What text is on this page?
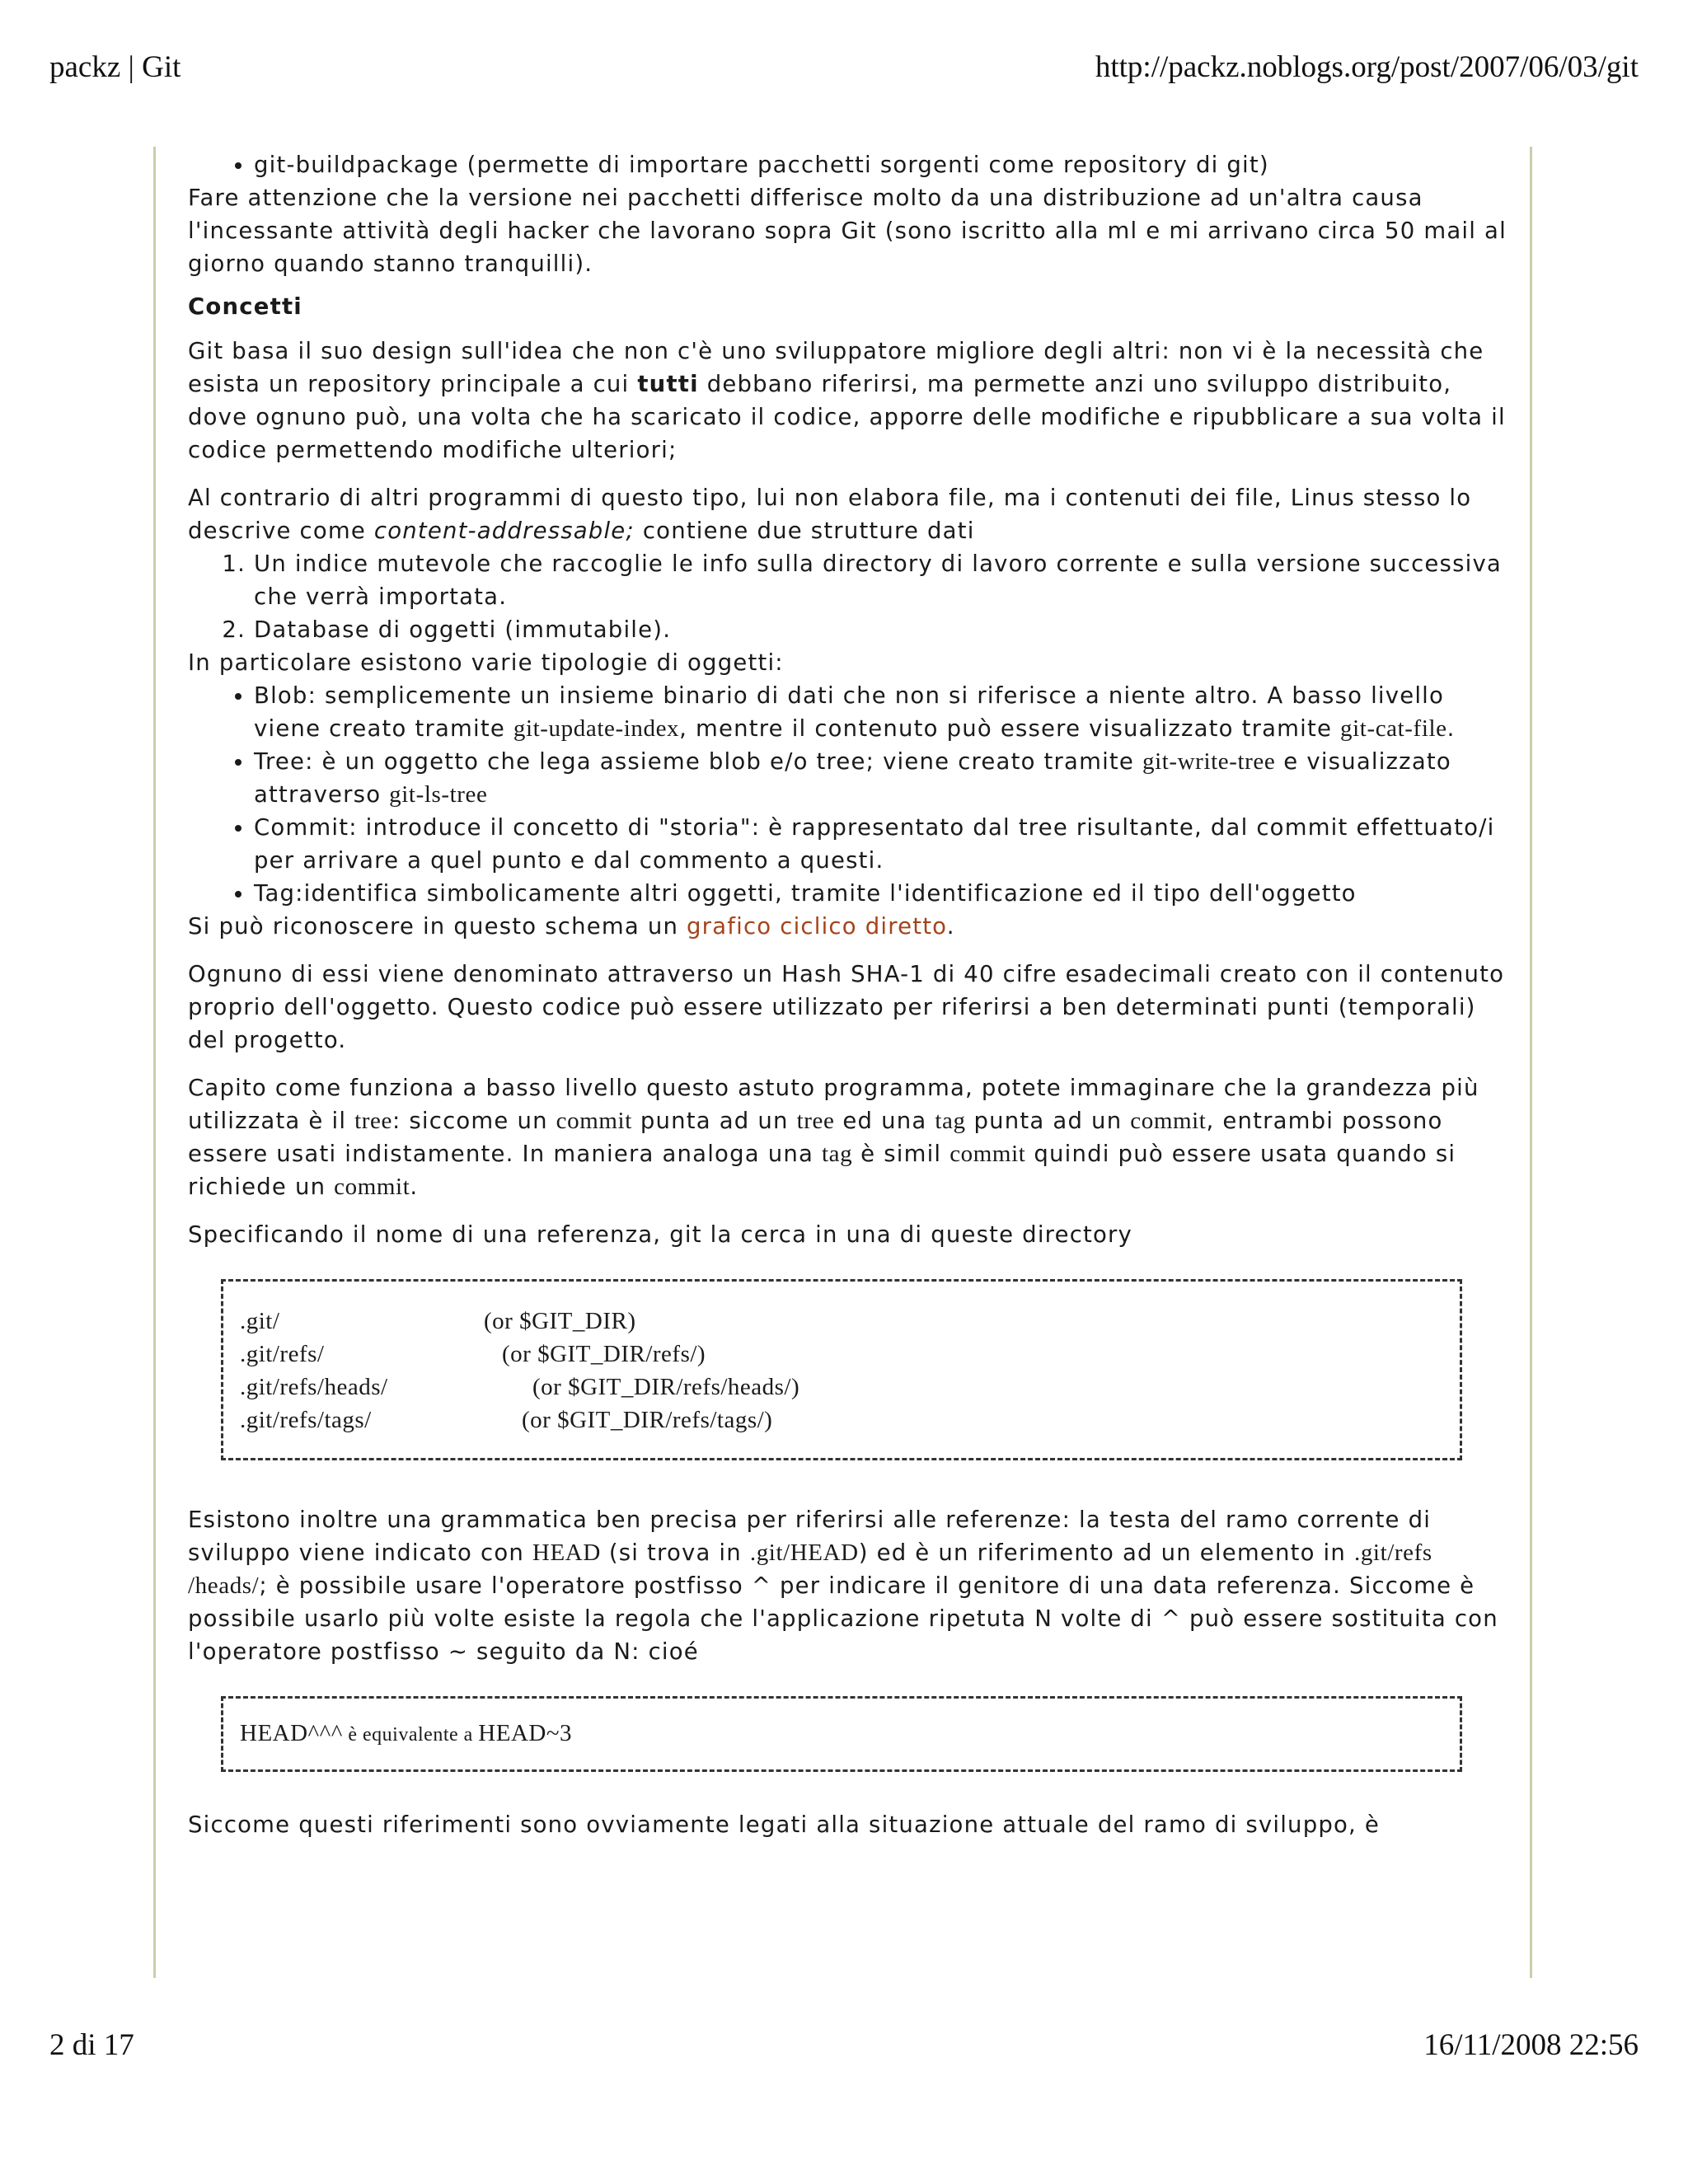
packz | Git	http://packz.noblogs.org/post/2007/06/03/git
• git-buildpackage (permette di importare pacchetti sorgenti come repository di git)

Fare attenzione che la versione nei pacchetti differisce molto da una distribuzione ad un'altra causa l'incessante attività degli hacker che lavorano sopra Git (sono iscritto alla ml e mi arrivano circa 50 mail al giorno quando stanno tranquilli).

Concetti

Git basa il suo design sull'idea che non c'è uno sviluppatore migliore degli altri: non vi è la necessità che esista un repository principale a cui tutti debbano riferirsi, ma permette anzi uno sviluppo distribuito, dove ognuno può, una volta che ha scaricato il codice, apporre delle modifiche e ripubblicare a sua volta il codice permettendo modifiche ulteriori;

Al contrario di altri programmi di questo tipo, lui non elabora file, ma i contenuti dei file, Linus stesso lo descrive come content-addressable; contiene due strutture dati

1. Un indice mutevole che raccoglie le info sulla directory di lavoro corrente e sulla versione successiva che verrà importata.
2. Database di oggetti (immutabile).

In particolare esistono varie tipologie di oggetti:

• Blob: semplicemente un insieme binario di dati che non si riferisce a niente altro. A basso livello viene creato tramite git-update-index, mentre il contenuto può essere visualizzato tramite git-cat-file.
• Tree: è un oggetto che lega assieme blob e/o tree; viene creato tramite git-write-tree e visualizzato attraverso git-ls-tree
• Commit: introduce il concetto di "storia": è rappresentato dal tree risultante, dal commit effettuato/i per arrivare a quel punto e dal commento a questi.
• Tag:identifica simbolicamente altri oggetti, tramite l'identificazione ed il tipo dell'oggetto

Si può riconoscere in questo schema un grafico ciclico diretto.

Ognuno di essi viene denominato attraverso un Hash SHA-1 di 40 cifre esadecimali creato con il contenuto proprio dell'oggetto. Questo codice può essere utilizzato per riferirsi a ben determinati punti (temporali) del progetto.

Capito come funziona a basso livello questo astuto programma, potete immaginare che la grandezza più utilizzata è il tree: siccome un commit punta ad un tree ed una tag punta ad un commit, entrambi possono essere usati indistamente. In maniera analoga una tag è simil commit quindi può essere usata quando si richiede un commit.

Specificando il nome di una referenza, git la cerca in una di queste directory

.git/	(or $GIT_DIR)
.git/refs/	(or $GIT_DIR/refs/)
.git/refs/heads/	(or $GIT_DIR/refs/heads/)
.git/refs/tags/	(or $GIT_DIR/refs/tags/)

Esistono inoltre una grammatica ben precisa per riferirsi alle referenze: la testa del ramo corrente di sviluppo viene indicato con HEAD (si trova in .git/HEAD) ed è un riferimento ad un elemento in .git/refs /heads/; è possibile usare l'operatore postfisso ^ per indicare il genitore di una data referenza. Siccome è possibile usarlo più volte esiste la regola che l'applicazione ripetuta N volte di ^ può essere sostituita con l'operatore postfisso ~ seguito da N: cioé

HEAD^^^ è equivalente a HEAD~3

Siccome questi riferimenti sono ovviamente legati alla situazione attuale del ramo di sviluppo, è

2 di 17	16/11/2008 22:56
